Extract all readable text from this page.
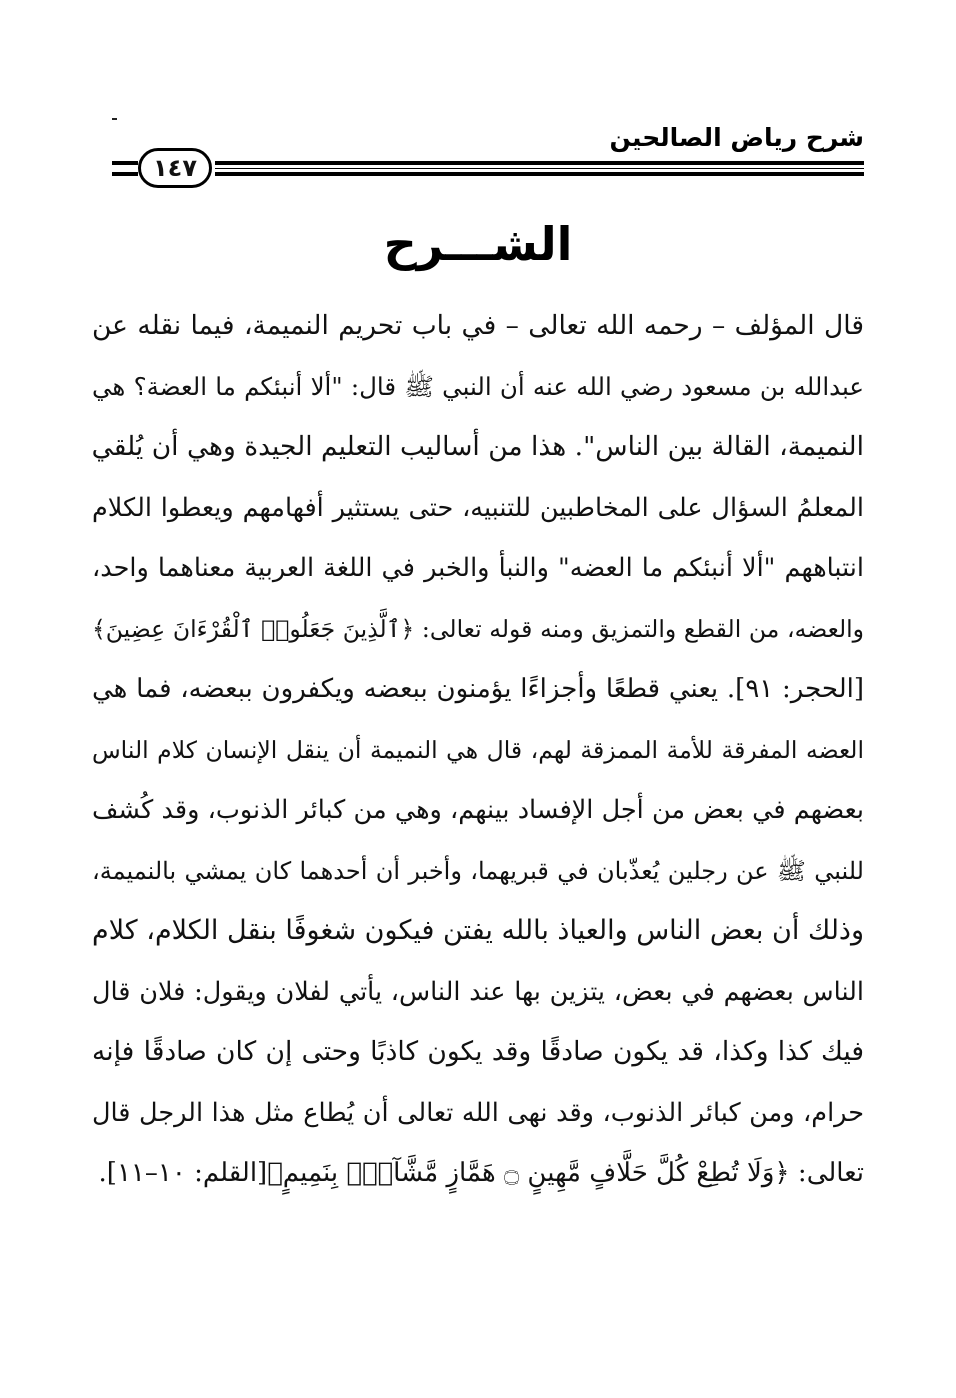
شرح رياض الصالحين
١٤٧
الشـــرح
قال المؤلف – رحمه الله تعالى – في باب تحريم النميمة، فيما نقله عن
عبدالله بن مسعود رضي الله عنه أن النبي ﷺ قال: "ألا أنبئكم ما العضة؟ هي
النميمة، القالة بين الناس". هذا من أساليب التعليم الجيدة وهي أن يُلقي
المعلمُ السؤال على المخاطبين للتنبيه، حتى يستثير أفهامهم ويعطوا الكلام
انتباههم "ألا أنبئكم ما العضه" والنبأ والخبر في اللغة العربية معناهما واحد،
والعضه، من القطع والتمزيق ومنه قوله تعالى: ﴿ٱلَّذِينَ جَعَلُوا۟ ٱلْقُرْءَانَ عِضِينَ﴾
[الحجر: ٩١]. يعني قطعًا وأجزاءًا يؤمنون ببعضه ويكفرون ببعضه، فما هي
العضه المفرقة للأمة الممزقة لهم، قال هي النميمة أن ينقل الإنسان كلام الناس
بعضهم في بعض من أجل الإفساد بينهم، وهي من كبائر الذنوب، وقد كُشف
للنبي ﷺ عن رجلين يُعذّبان في قبريهما، وأخبر أن أحدهما كان يمشي بالنميمة،
وذلك أن بعض الناس والعياذ بالله يفتن فيكون شغوفًا بنقل الكلام، كلام
الناس بعضهم في بعض، يتزين بها عند الناس، يأتي لفلان ويقول: فلان قال
فيك كذا وكذا، قد يكون صادقًا وقد يكون كاذبًا وحتى إن كان صادقًا فإنه
حرام، ومن كبائر الذنوب، وقد نهى الله تعالى أن يُطاع مثل هذا الرجل قال
تعالى: ﴿وَلَا تُطِعْ كُلَّ حَلَّافٍ مَّهِينٍ ۝ هَمَّازٍ مَّشَّآءٍۭ بِنَمِيمٍ﴾[القلم: ١٠–١١].
